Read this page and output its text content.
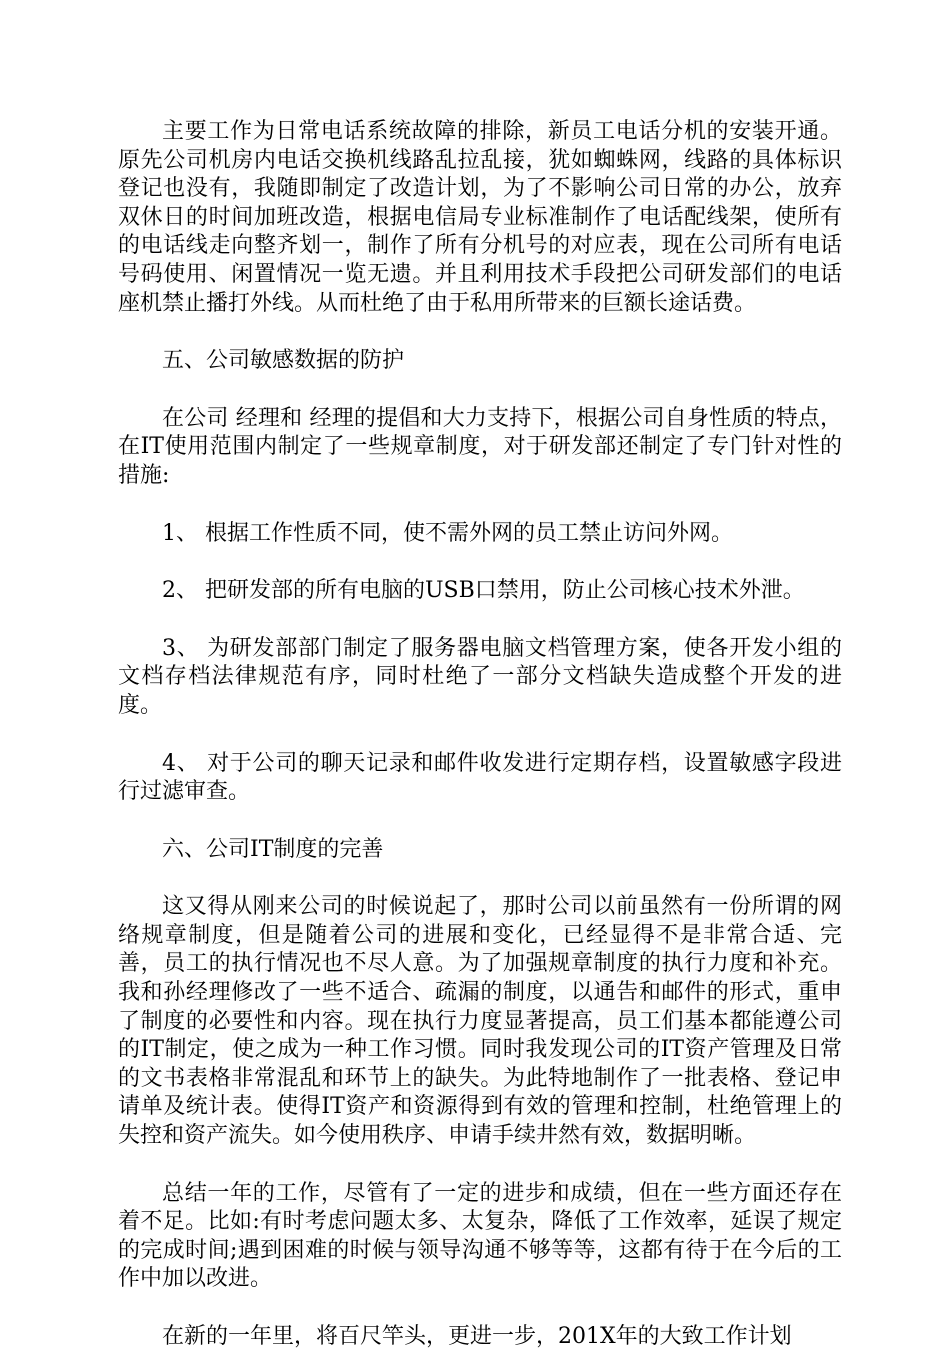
主要工作为日常电话系统故障的排除，新员工电话分机的安装开通。原先公司机房内电话交换机线路乱拉乱接，犹如蜘蛛网，线路的具体标识登记也没有，我随即制定了改造计划，为了不影响公司日常的办公，放弃双休日的时间加班改造，根据电信局专业标准制作了电话配线架，使所有的电话线走向整齐划一，制作了所有分机号的对应表，现在公司所有电话号码使用、闲置情况一览无遗。并且利用技术手段把公司研发部们的电话座机禁止播打外线。从而杜绝了由于私用所带来的巨额长途话费。

五、公司敏感数据的防护

在公司 经理和 经理的提倡和大力支持下，根据公司自身性质的特点，在IT使用范围内制定了一些规章制度，对于研发部还制定了专门针对性的措施:

1、 根据工作性质不同，使不需外网的员工禁止访问外网。

2、 把研发部的所有电脑的USB口禁用，防止公司核心技术外泄。

3、 为研发部部门制定了服务器电脑文档管理方案，使各开发小组的文档存档法律规范有序，同时杜绝了一部分文档缺失造成整个开发的进度。

4、 对于公司的聊天记录和邮件收发进行定期存档，设置敏感字段进行过滤审查。

六、公司IT制度的完善

这又得从刚来公司的时候说起了，那时公司以前虽然有一份所谓的网络规章制度，但是随着公司的进展和变化，已经显得不是非常合适、完善，员工的执行情况也不尽人意。为了加强规章制度的执行力度和补充。我和孙经理修改了一些不适合、疏漏的制度，以通告和邮件的形式，重申了制度的必要性和内容。现在执行力度显著提高，员工们基本都能遵公司的IT制定，使之成为一种工作习惯。同时我发现公司的IT资产管理及日常的文书表格非常混乱和环节上的缺失。为此特地制作了一批表格、登记申请单及统计表。使得IT资产和资源得到有效的管理和控制，杜绝管理上的失控和资产流失。如今使用秩序、申请手续井然有效，数据明晰。

总结一年的工作，尽管有了一定的进步和成绩，但在一些方面还存在着不足。比如:有时考虑问题太多、太复杂，降低了工作效率，延误了规定的完成时间;遇到困难的时候与领导沟通不够等等，这都有待于在今后的工作中加以改进。

在新的一年里，将百尺竿头，更进一步，201X年的大致工作计划
